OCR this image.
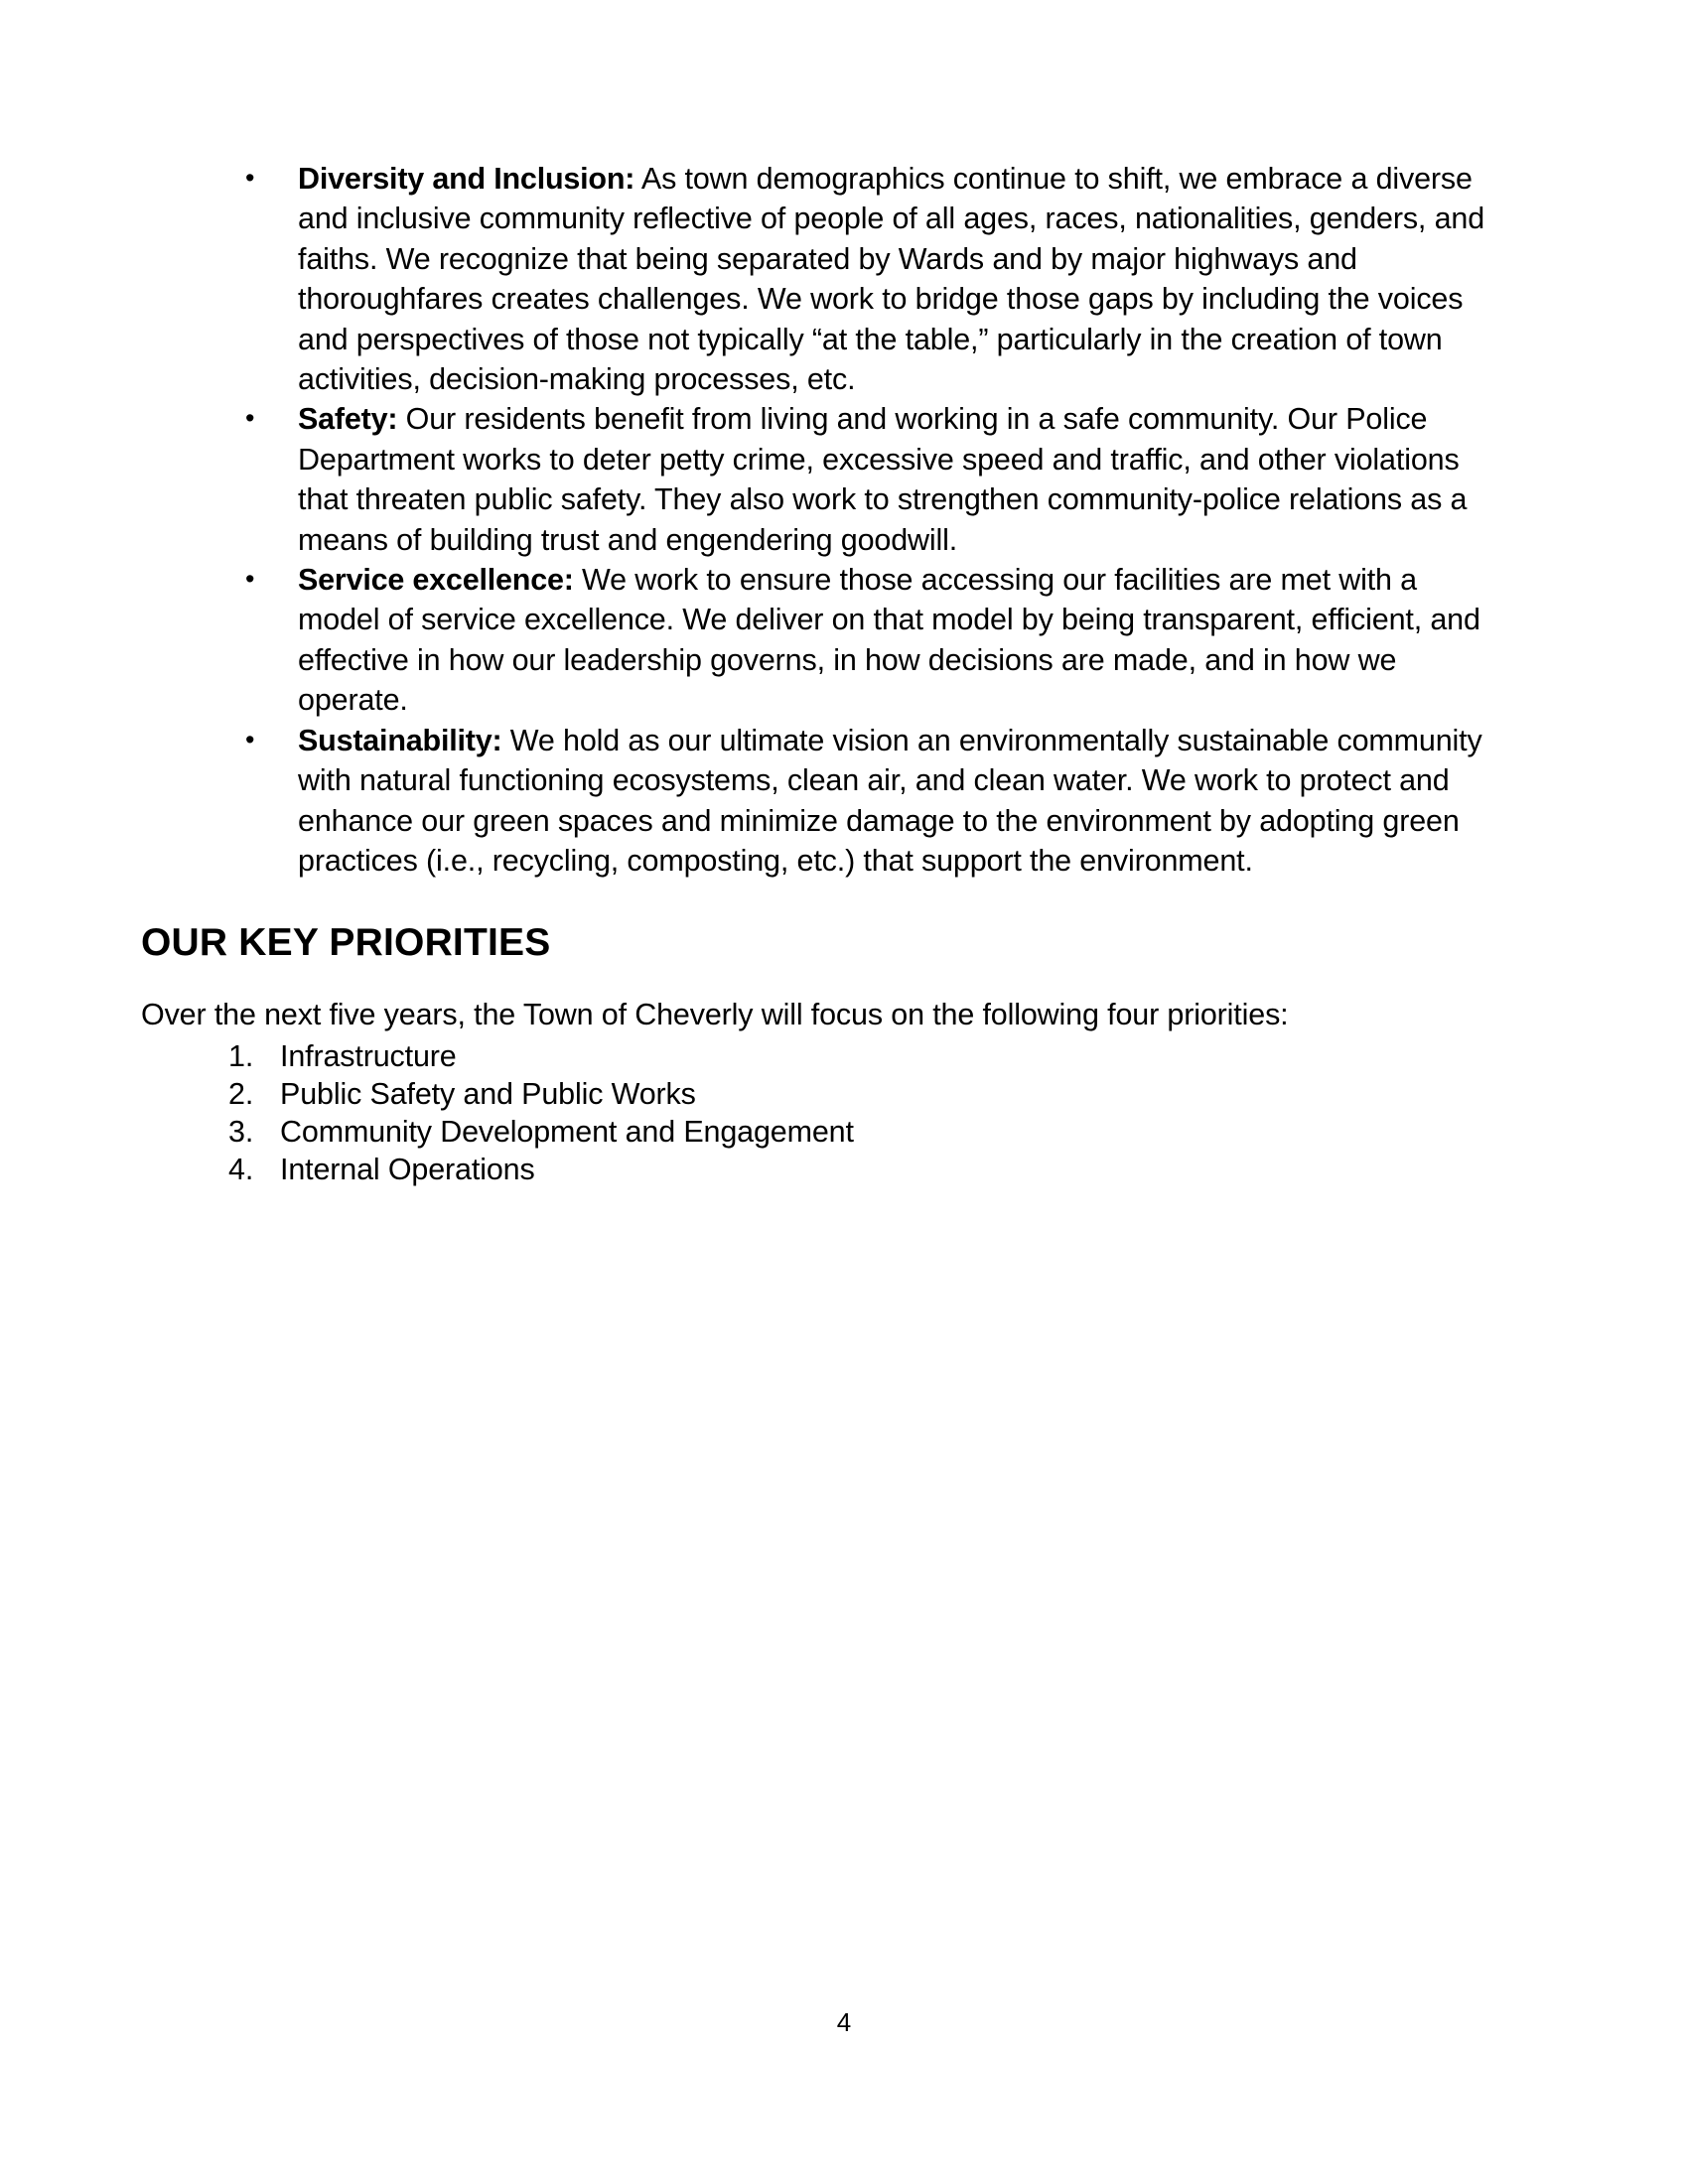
• Diversity and Inclusion: As town demographics continue to shift, we embrace a diverse and inclusive community reflective of people of all ages, races, nationalities, genders, and faiths. We recognize that being separated by Wards and by major highways and thoroughfares creates challenges. We work to bridge those gaps by including the voices and perspectives of those not typically “at the table,” particularly in the creation of town activities, decision-making processes, etc.
• Safety: Our residents benefit from living and working in a safe community. Our Police Department works to deter petty crime, excessive speed and traffic, and other violations that threaten public safety. They also work to strengthen community-police relations as a means of building trust and engendering goodwill.
• Service excellence: We work to ensure those accessing our facilities are met with a model of service excellence. We deliver on that model by being transparent, efficient, and effective in how our leadership governs, in how decisions are made, and in how we operate.
• Sustainability: We hold as our ultimate vision an environmentally sustainable community with natural functioning ecosystems, clean air, and clean water. We work to protect and enhance our green spaces and minimize damage to the environment by adopting green practices (i.e., recycling, composting, etc.) that support the environment.
OUR KEY PRIORITIES

Over the next five years, the Town of Cheverly will focus on the following four priorities:

1. Infrastructure
2. Public Safety and Public Works
3. Community Development and Engagement
4. Internal Operations
4
